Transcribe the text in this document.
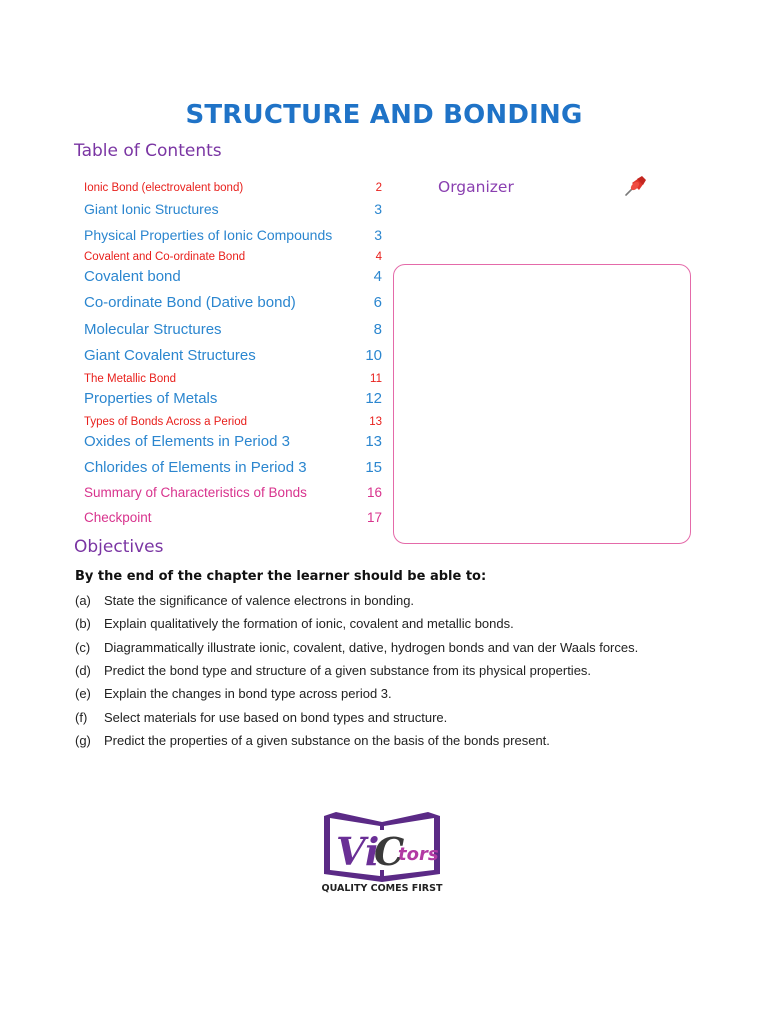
STRUCTURE AND BONDING
Table of Contents
Ionic Bond (electrovalent bond)	2
Giant Ionic Structures	3
Physical Properties of Ionic Compounds	3
Covalent and Co-ordinate Bond	4
Covalent bond	4
Co-ordinate Bond (Dative bond)	6
Molecular Structures	8
Giant Covalent Structures	10
The Metallic Bond	11
Properties of Metals	12
Types of Bonds Across a Period	13
Oxides of Elements in Period 3	13
Chlorides of Elements in Period 3	15
Summary of Characteristics of Bonds	16
Checkpoint	17
Organizer
Objectives
By the end of the chapter the learner should be able to:
(a) State the significance of valence electrons in bonding.
(b) Explain qualitatively the formation of ionic, covalent and metallic bonds.
(c) Diagrammatically illustrate ionic, covalent, dative, hydrogen bonds and van der Waals forces.
(d) Predict the bond type and structure of a given substance from its physical properties.
(e) Explain the changes in bond type across period 3.
(f) Select materials for use based on bond types and structure.
(g) Predict the properties of a given substance on the basis of the bonds present.
Vi
C
tors
QUALITY COMES FIRST
